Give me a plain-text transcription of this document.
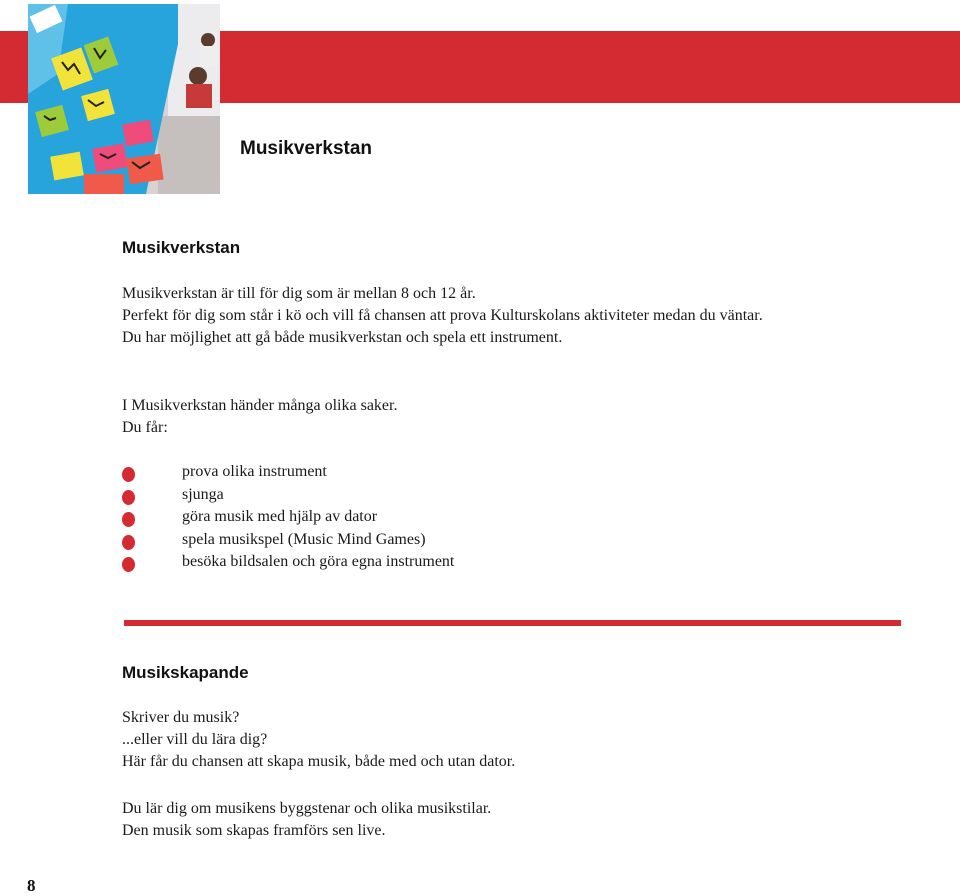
Musikverkstan
Musikverkstan

Musikverkstan är till för dig som är mellan 8 och 12 år.
Perfekt för dig som står i kö och vill få chansen att prova Kulturskolans aktiviteter medan du väntar.
Du har möjlighet att gå både musikverkstan och spela ett instrument.

I Musikverkstan händer många olika saker.
Du får:

prova olika instrument
sjunga
göra musik med hjälp av dator
spela musikspel (Music Mind Games)
besöka bildsalen och göra egna instrument
Musikskapande

Skriver du musik?
...eller vill du lära dig?
Här får du chansen att skapa musik, både med och utan dator.

Du lär dig om musikens byggstenar och olika musikstilar.
Den musik som skapas framförs sen live.

8
